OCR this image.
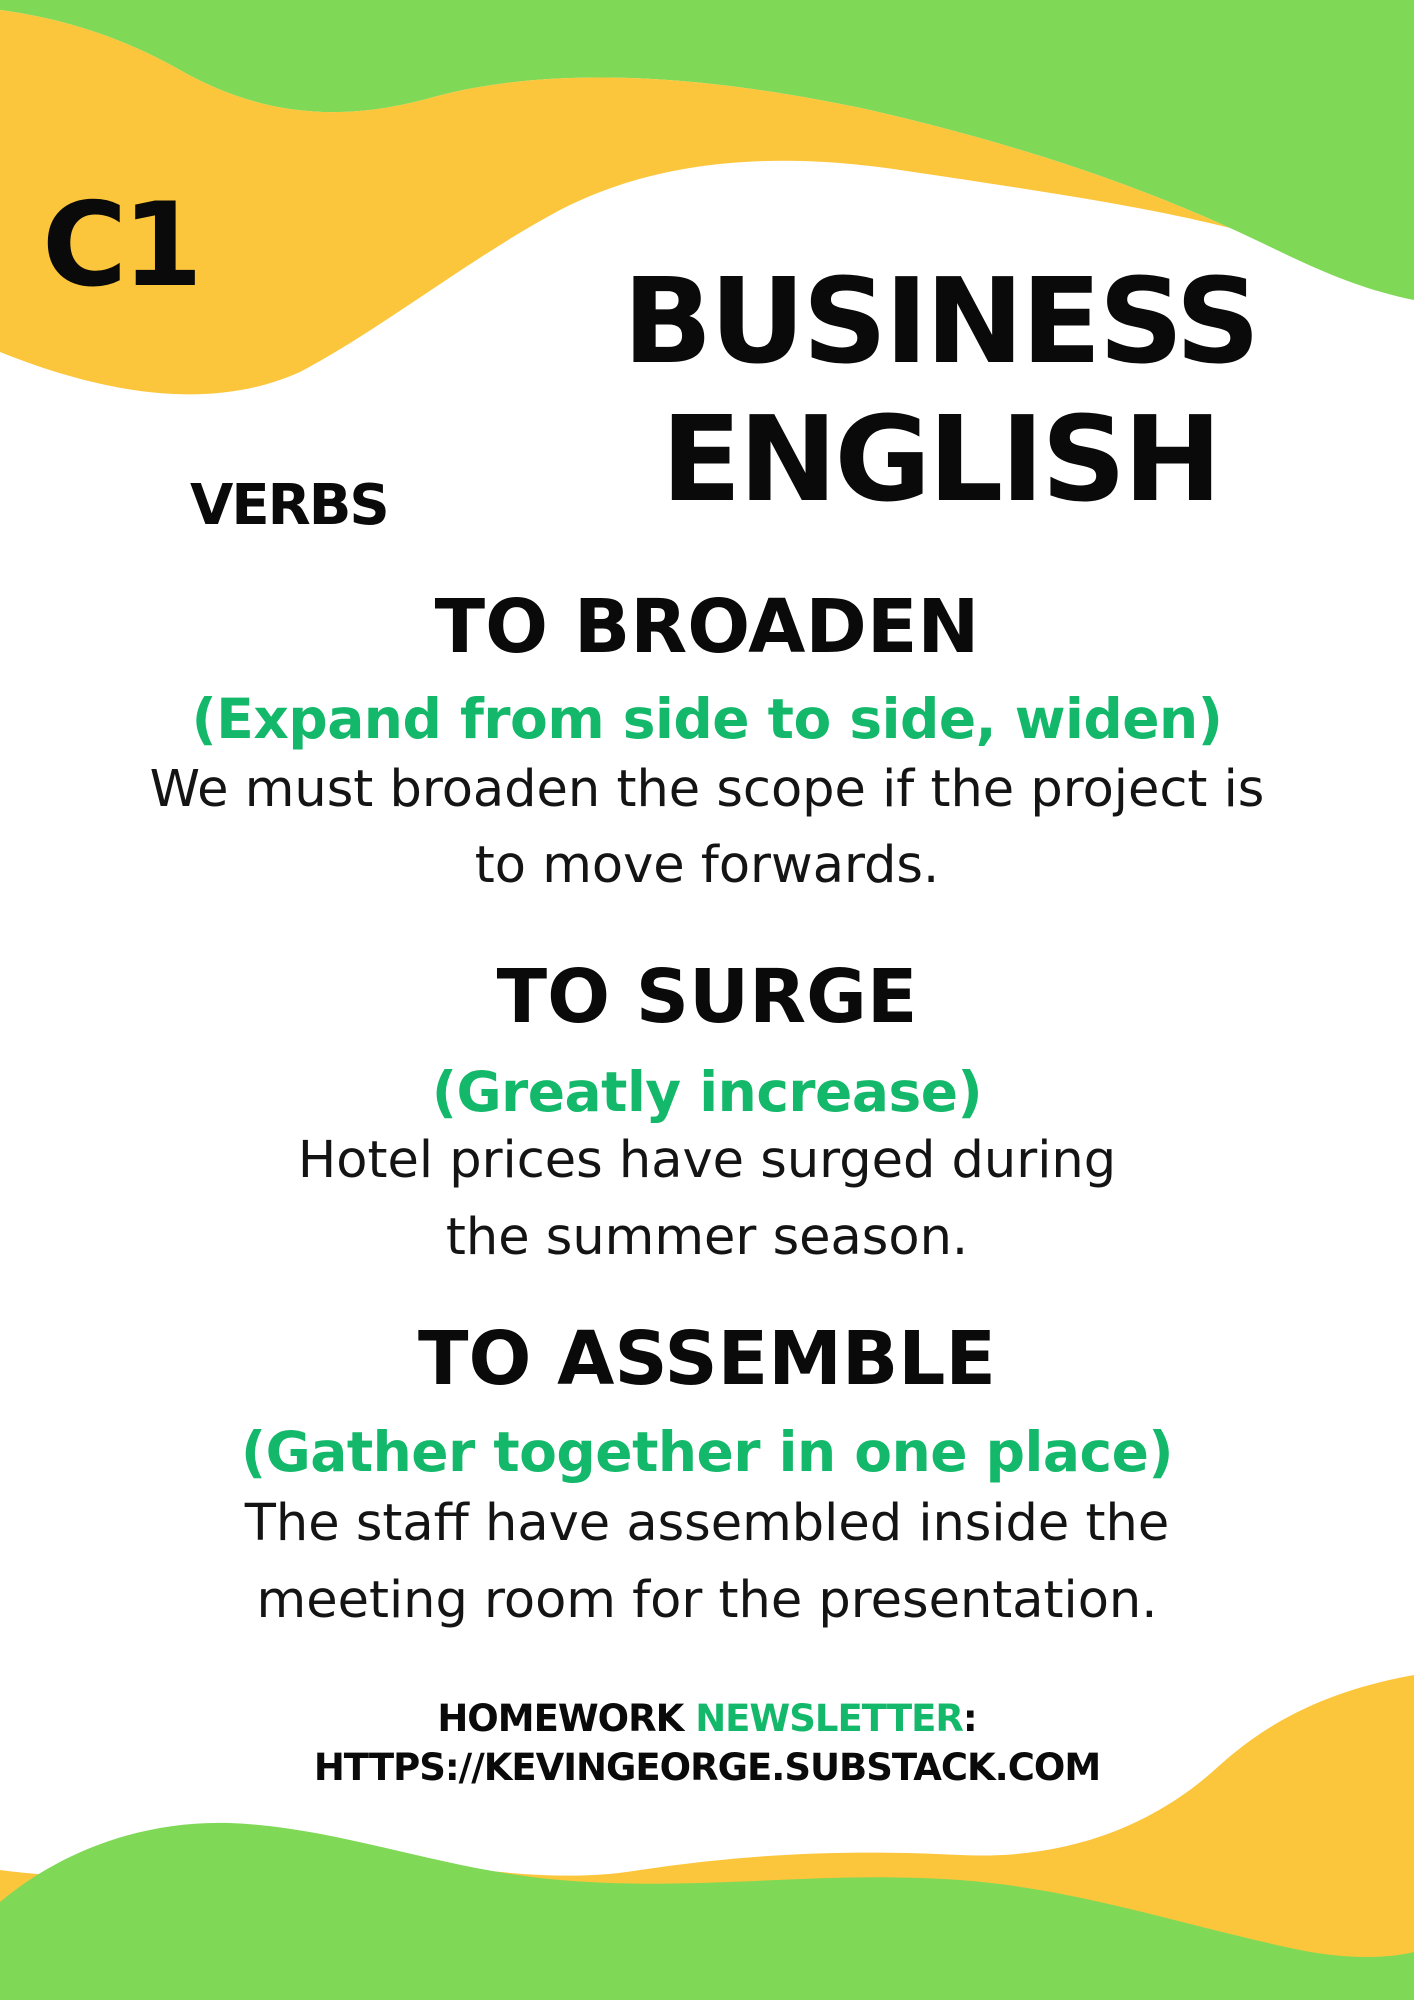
C1
BUSINESS
ENGLISH
VERBS
TO BROADEN
(Expand from side to side, widen)
We must broaden the scope if the project is
to move forwards.
TO SURGE
(Greatly increase)
Hotel prices have surged during
the summer season.
TO ASSEMBLE
(Gather together in one place)
The staff have assembled inside the
meeting room for the presentation.
HOMEWORK NEWSLETTER:
HTTPS://KEVINGEORGE.SUBSTACK.COM
